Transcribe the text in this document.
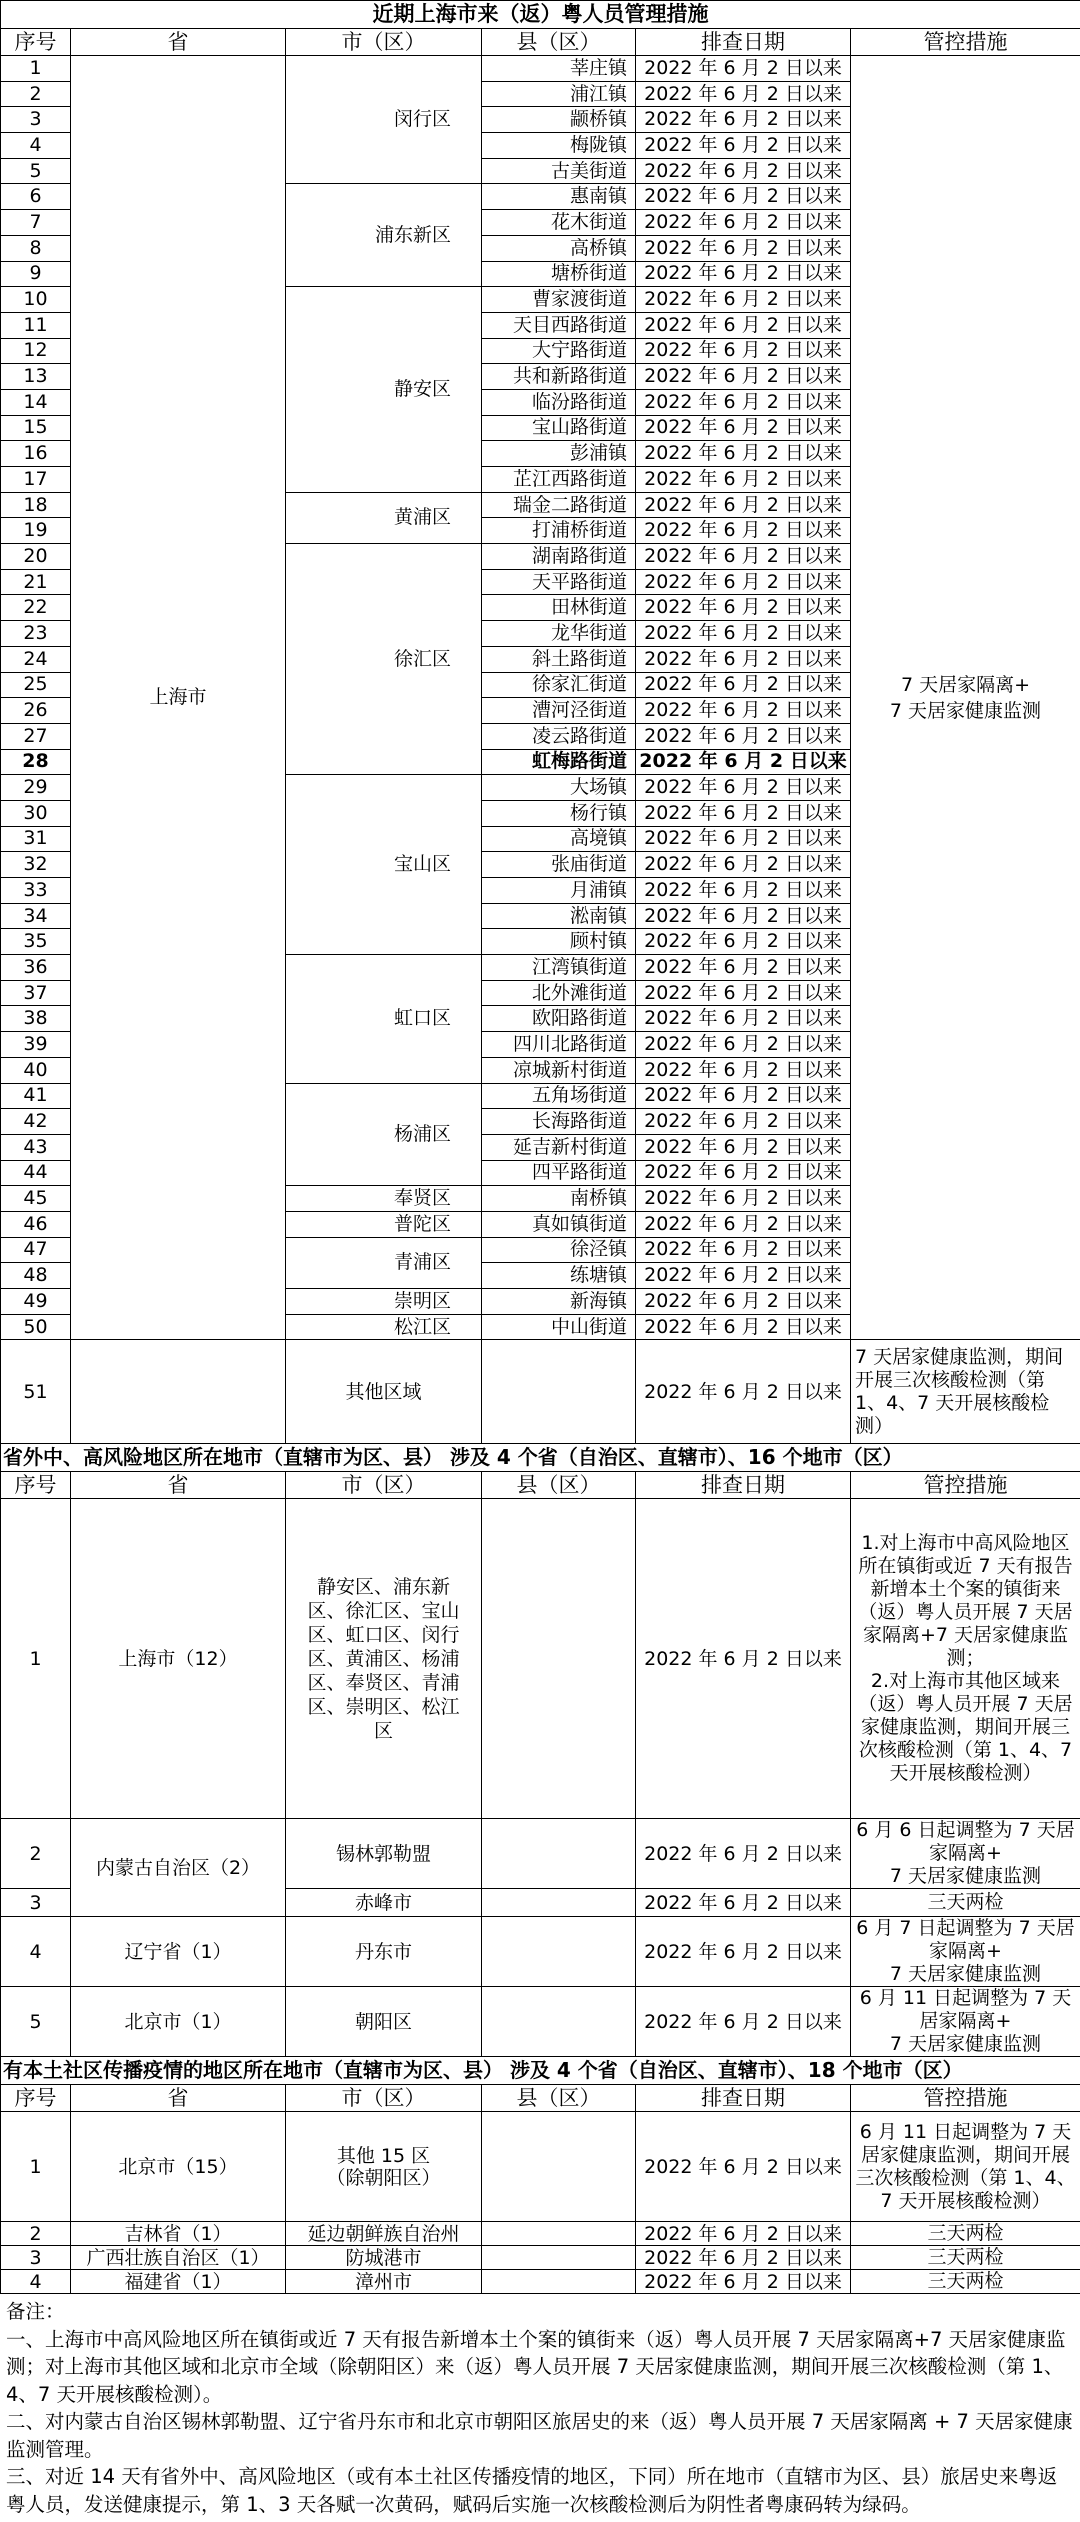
近期上海市来（返）粤人员管理措施					
序号	省	市（区）	县（区）	排查日期	管控措施
1	上海市	闵行区	莘庄镇	2022 年 6 月 2 日以来	7 天居家隔离+
7 天居家健康监测
2			浦江镇	2022 年 6 月 2 日以来	
3			颛桥镇	2022 年 6 月 2 日以来	
4			梅陇镇	2022 年 6 月 2 日以来	
5			古美街道	2022 年 6 月 2 日以来	
6		浦东新区	惠南镇	2022 年 6 月 2 日以来	
7			花木街道	2022 年 6 月 2 日以来	
8			高桥镇	2022 年 6 月 2 日以来	
9			塘桥街道	2022 年 6 月 2 日以来	
10		静安区	曹家渡街道	2022 年 6 月 2 日以来	
11			天目西路街道	2022 年 6 月 2 日以来	
12			大宁路街道	2022 年 6 月 2 日以来	
13			共和新路街道	2022 年 6 月 2 日以来	
14			临汾路街道	2022 年 6 月 2 日以来	
15			宝山路街道	2022 年 6 月 2 日以来	
16			彭浦镇	2022 年 6 月 2 日以来	
17			芷江西路街道	2022 年 6 月 2 日以来	
18		黄浦区	瑞金二路街道	2022 年 6 月 2 日以来	
19			打浦桥街道	2022 年 6 月 2 日以来	
20		徐汇区	湖南路街道	2022 年 6 月 2 日以来	
21			天平路街道	2022 年 6 月 2 日以来	
22			田林街道	2022 年 6 月 2 日以来	
23			龙华街道	2022 年 6 月 2 日以来	
24			斜土路街道	2022 年 6 月 2 日以来	
25			徐家汇街道	2022 年 6 月 2 日以来	
26			漕河泾街道	2022 年 6 月 2 日以来	
27			凌云路街道	2022 年 6 月 2 日以来	
28			虹梅路街道	2022 年 6 月 2 日以来	
29		宝山区	大场镇	2022 年 6 月 2 日以来	
30			杨行镇	2022 年 6 月 2 日以来	
31			高境镇	2022 年 6 月 2 日以来	
32			张庙街道	2022 年 6 月 2 日以来	
33			月浦镇	2022 年 6 月 2 日以来	
34			淞南镇	2022 年 6 月 2 日以来	
35			顾村镇	2022 年 6 月 2 日以来	
36		虹口区	江湾镇街道	2022 年 6 月 2 日以来	
37			北外滩街道	2022 年 6 月 2 日以来	
38			欧阳路街道	2022 年 6 月 2 日以来	
39			四川北路街道	2022 年 6 月 2 日以来	
40			凉城新村街道	2022 年 6 月 2 日以来	
41		杨浦区	五角场街道	2022 年 6 月 2 日以来	
42			长海路街道	2022 年 6 月 2 日以来	
43			延吉新村街道	2022 年 6 月 2 日以来	
44			四平路街道	2022 年 6 月 2 日以来	
45		奉贤区	南桥镇	2022 年 6 月 2 日以来	
46		普陀区	真如镇街道	2022 年 6 月 2 日以来	
47		青浦区	徐泾镇	2022 年 6 月 2 日以来	
48			练塘镇	2022 年 6 月 2 日以来	
49		崇明区	新海镇	2022 年 6 月 2 日以来	
50		松江区	中山街道	2022 年 6 月 2 日以来	
51		其他区域		2022 年 6 月 2 日以来	7 天居家健康监测，期间开展三次核酸检测（第 1、4、7 天开展核酸检测）
省外中、高风险地区所在地市（直辖市为区、县） 涉及 4 个省（自治区、直辖市）、16 个地市（区）					
序号	省	市（区）	县（区）	排查日期	管控措施
1	上海市（12）	静安区、浦东新区、徐汇区、宝山区、虹口区、闵行区、黄浦区、杨浦区、奉贤区、青浦区、崇明区、松江区		2022 年 6 月 2 日以来	1.对上海市中高风险地区所在镇街或近 7 天有报告新增本土个案的镇街来（返）粤人员开展 7 天居家隔离+7 天居家健康监测；
2.对上海市其他区域来（返）粤人员开展 7 天居家健康监测，期间开展三次核酸检测（第 1、4、7 天开展核酸检测）
2	内蒙古自治区（2）	锡林郭勒盟		2022 年 6 月 2 日以来	6 月 6 日起调整为 7 天居家隔离+
7 天居家健康监测
3		赤峰市		2022 年 6 月 2 日以来	三天两检
4	辽宁省（1）	丹东市		2022 年 6 月 2 日以来	6 月 7 日起调整为 7 天居家隔离+
7 天居家健康监测
5	北京市（1）	朝阳区		2022 年 6 月 2 日以来	6 月 11 日起调整为 7 天居家隔离+
7 天居家健康监测
有本土社区传播疫情的地区所在地市（直辖市为区、县） 涉及 4 个省（自治区、直辖市）、18 个地市（区）					
序号	省	市（区）	县（区）	排查日期	管控措施
1	北京市（15）	其他 15 区
（除朝阳区）		2022 年 6 月 2 日以来	6 月 11 日起调整为 7 天居家健康监测，期间开展三次核酸检测（第 1、4、7 天开展核酸检测）
2	吉林省（1）	延边朝鲜族自治州		2022 年 6 月 2 日以来	三天两检
3	广西壮族自治区（1）	防城港市		2022 年 6 月 2 日以来	三天两检
4	福建省（1）	漳州市		2022 年 6 月 2 日以来	三天两检
备注：
一、上海市中高风险地区所在镇街或近 7 天有报告新增本土个案的镇街来（返）粤人员开展 7 天居家隔离+7 天居家健康监测；对上海市其他区域和北京市全域（除朝阳区）来（返）粤人员开展 7 天居家健康监测，期间开展三次核酸检测（第 1、4、7 天开展核酸检测）。
二、对内蒙古自治区锡林郭勒盟、辽宁省丹东市和北京市朝阳区旅居史的来（返）粤人员开展 7 天居家隔离 + 7 天居家健康监测管理。
三、对近 14 天有省外中、高风险地区（或有本土社区传播疫情的地区，下同）所在地市（直辖市为区、县）旅居史来粤返粤人员，发送健康提示，第 1、3 天各赋一次黄码，赋码后实施一次核酸检测后为阴性者粤康码转为绿码。
